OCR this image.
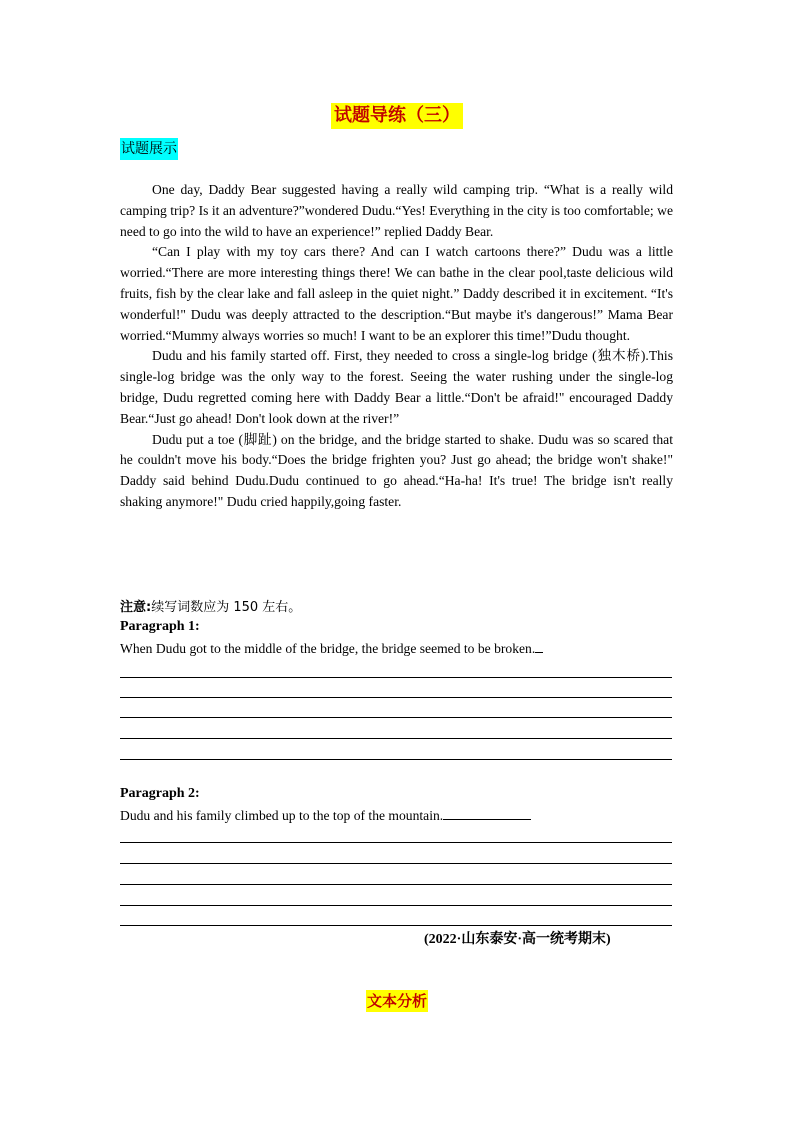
试题导练（三）
试题展示

One day, Daddy Bear suggested having a really wild camping trip. “What is a really wild camping trip? Is it an adventure?”wondered Dudu.“Yes! Everything in the city is too comfortable; we need to go into the wild to have an experience!” replied Daddy Bear.

“Can I play with my toy cars there? And can I watch cartoons there?” Dudu was a little worried.“There are more interesting things there! We can bathe in the clear pool,taste delicious wild fruits, fish by the clear lake and fall asleep in the quiet night.” Daddy described it in excitement. “It's wonderful!" Dudu was deeply attracted to the description.“But maybe it's dangerous!” Mama Bear worried.“Mummy always worries so much! I want to be an explorer this time!”Dudu thought.

Dudu and his family started off. First, they needed to cross a single-log bridge (独木桥).This single-log bridge was the only way to the forest. Seeing the water rushing under the single-log bridge, Dudu regretted coming here with Daddy Bear a little.“Don't be afraid!" encouraged Daddy Bear.“Just go ahead! Don't look down at the river!”

Dudu put a toe (脚趾) on the bridge, and the bridge started to shake. Dudu was so scared that he couldn't move his body.“Does the bridge frighten you? Just go ahead; the bridge won't shake!" Daddy said behind Dudu.Dudu continued to go ahead.“Ha-ha! It's true! The bridge isn't really shaking anymore!" Dudu cried happily,going faster.

注意:续写词数应为 150 左右。
Paragraph 1:
When Dudu got to the middle of the bridge, the bridge seemed to be broken.
Paragraph 2:
Dudu and his family climbed up to the top of the mountain.
(2022·山东泰安·高一统考期末)
文本分析
